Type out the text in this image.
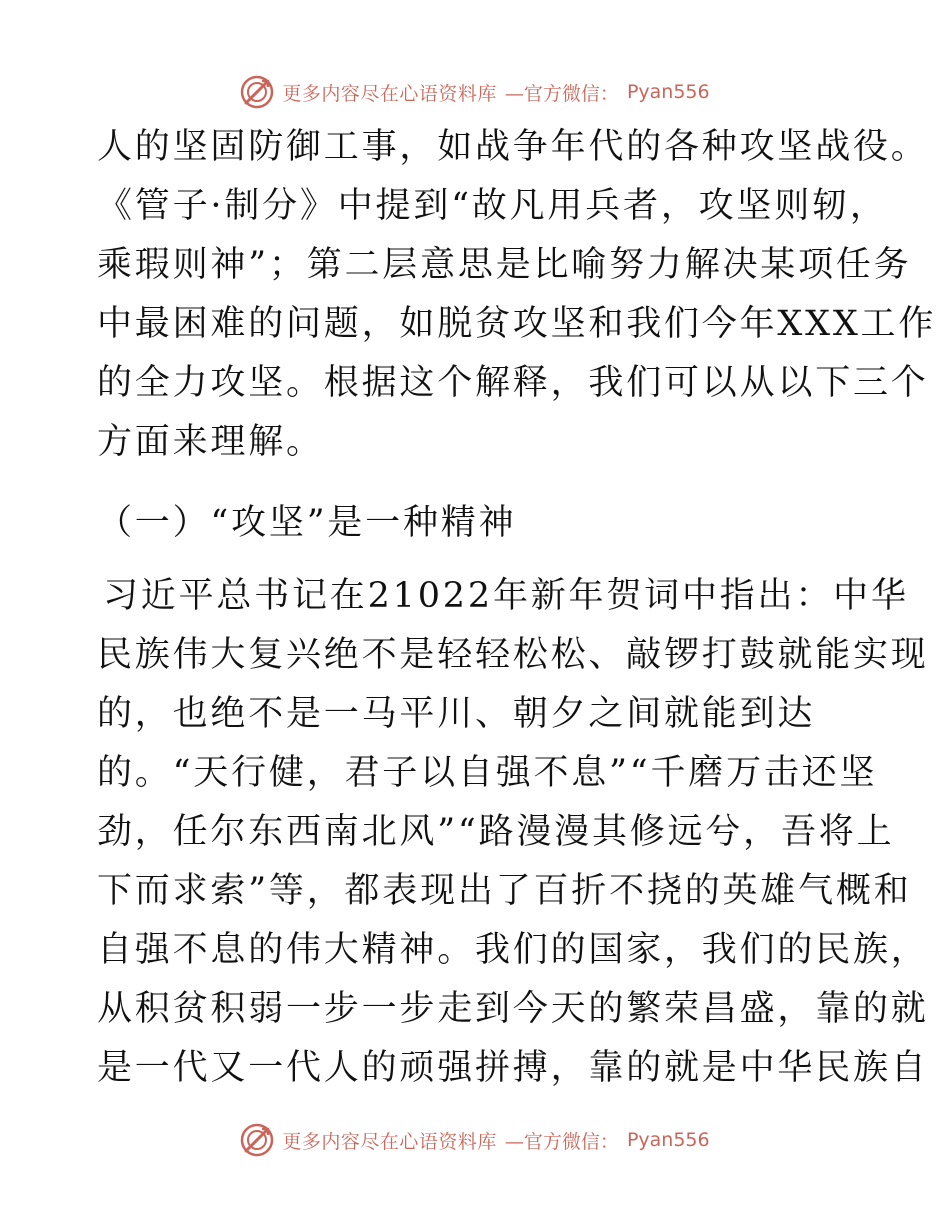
更多内容尽在心语资料库 —官方微信： Pyan556
人的坚固防御工事，如战争年代的各种攻坚战役。
《管子·制分》中提到“故凡用兵者，攻坚则轫，
乘瑕则神”；第二层意思是比喻努力解决某项任务
中最困难的问题，如脱贫攻坚和我们今年XXX工作
的全力攻坚。根据这个解释，我们可以从以下三个
方面来理解。
（一）“攻坚”是一种精神
习近平总书记在21022年新年贺词中指出：中华
民族伟大复兴绝不是轻轻松松、敲锣打鼓就能实现
的，也绝不是一马平川、朝夕之间就能到达
的。“天行健，君子以自强不息”“千磨万击还坚
劲，任尔东西南北风”“路漫漫其修远兮，吾将上
下而求索”等，都表现出了百折不挠的英雄气概和
自强不息的伟大精神。我们的国家，我们的民族，
从积贫积弱一步一步走到今天的繁荣昌盛，靠的就
是一代又一代人的顽强拼搏，靠的就是中华民族自
更多内容尽在心语资料库 —官方微信： Pyan556
